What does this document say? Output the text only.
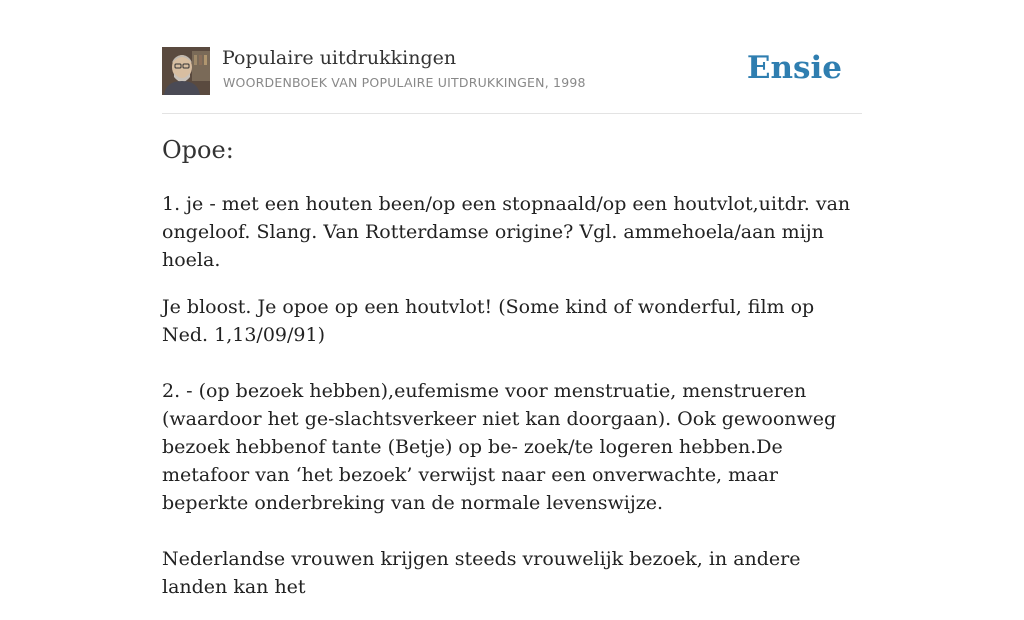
Populaire uitdrukkingen
WOORDENBOEK VAN POPULAIRE UITDRUKKINGEN, 1998	Ensie
Opoe:

1. je - met een houten been/op een stopnaald/op een houtvlot,uitdr. van ongeloof. Slang. Van Rotterdamse origine? Vgl. ammehoela/aan mijn hoela.

Je bloost. Je opoe op een houtvlot! (Some kind of wonderful, film op Ned. 1,13/09/91)

2. - (op bezoek hebben),eufemisme voor menstruatie, menstrueren (waardoor het ge-slachtsverkeer niet kan doorgaan). Ook gewoonweg bezoek hebbenof tante (Betje) op be- zoek/te logeren hebben.De metafoor van ‘het bezoek’ verwijst naar een onverwachte, maar beperkte onderbreking van de normale levenswijze.

Nederlandse vrouwen krijgen steeds vrouwelijk bezoek, in andere landen kan het
